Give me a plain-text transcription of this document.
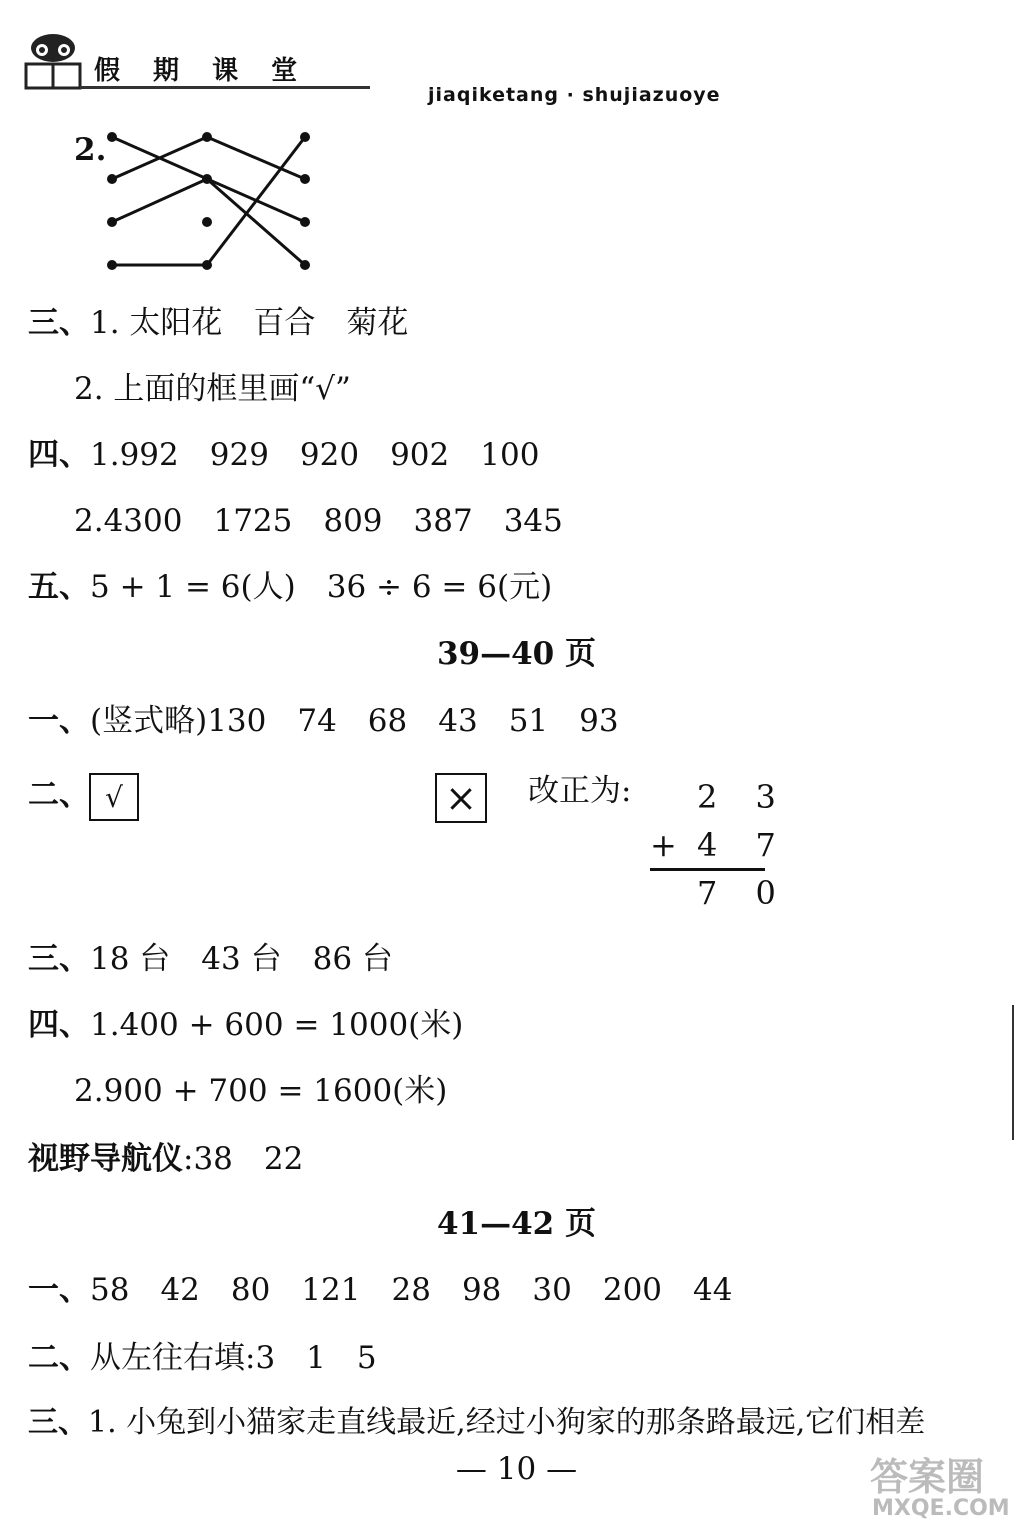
假 期 课 堂
jiaqiketang · shujiazuoye
2.
三、1. 太阳花　百合　菊花
2. 上面的框里画“√”
四、1.992　929　920　902　100
2.4300　1725　809　387　345
五、5 + 1 = 6(人)　36 ÷ 6 = 6(元)
39—40 页
一、(竖式略)130　74　68　43　51　93
二、 √	× 改正为: 2 3
+ 4 7
7 0
三、18 台　43 台　86 台
四、1.400 + 600 = 1000(米)
2.900 + 700 = 1600(米)
视野导航仪:38　22
41—42 页
一、58　42　80　121　28　98　30　200　44
二、从左往右填:3　1　5
三、1. 小兔到小猫家走直线最近,经过小狗家的那条路最远,它们相差
— 10 —	答案圈
MXQE.COM
